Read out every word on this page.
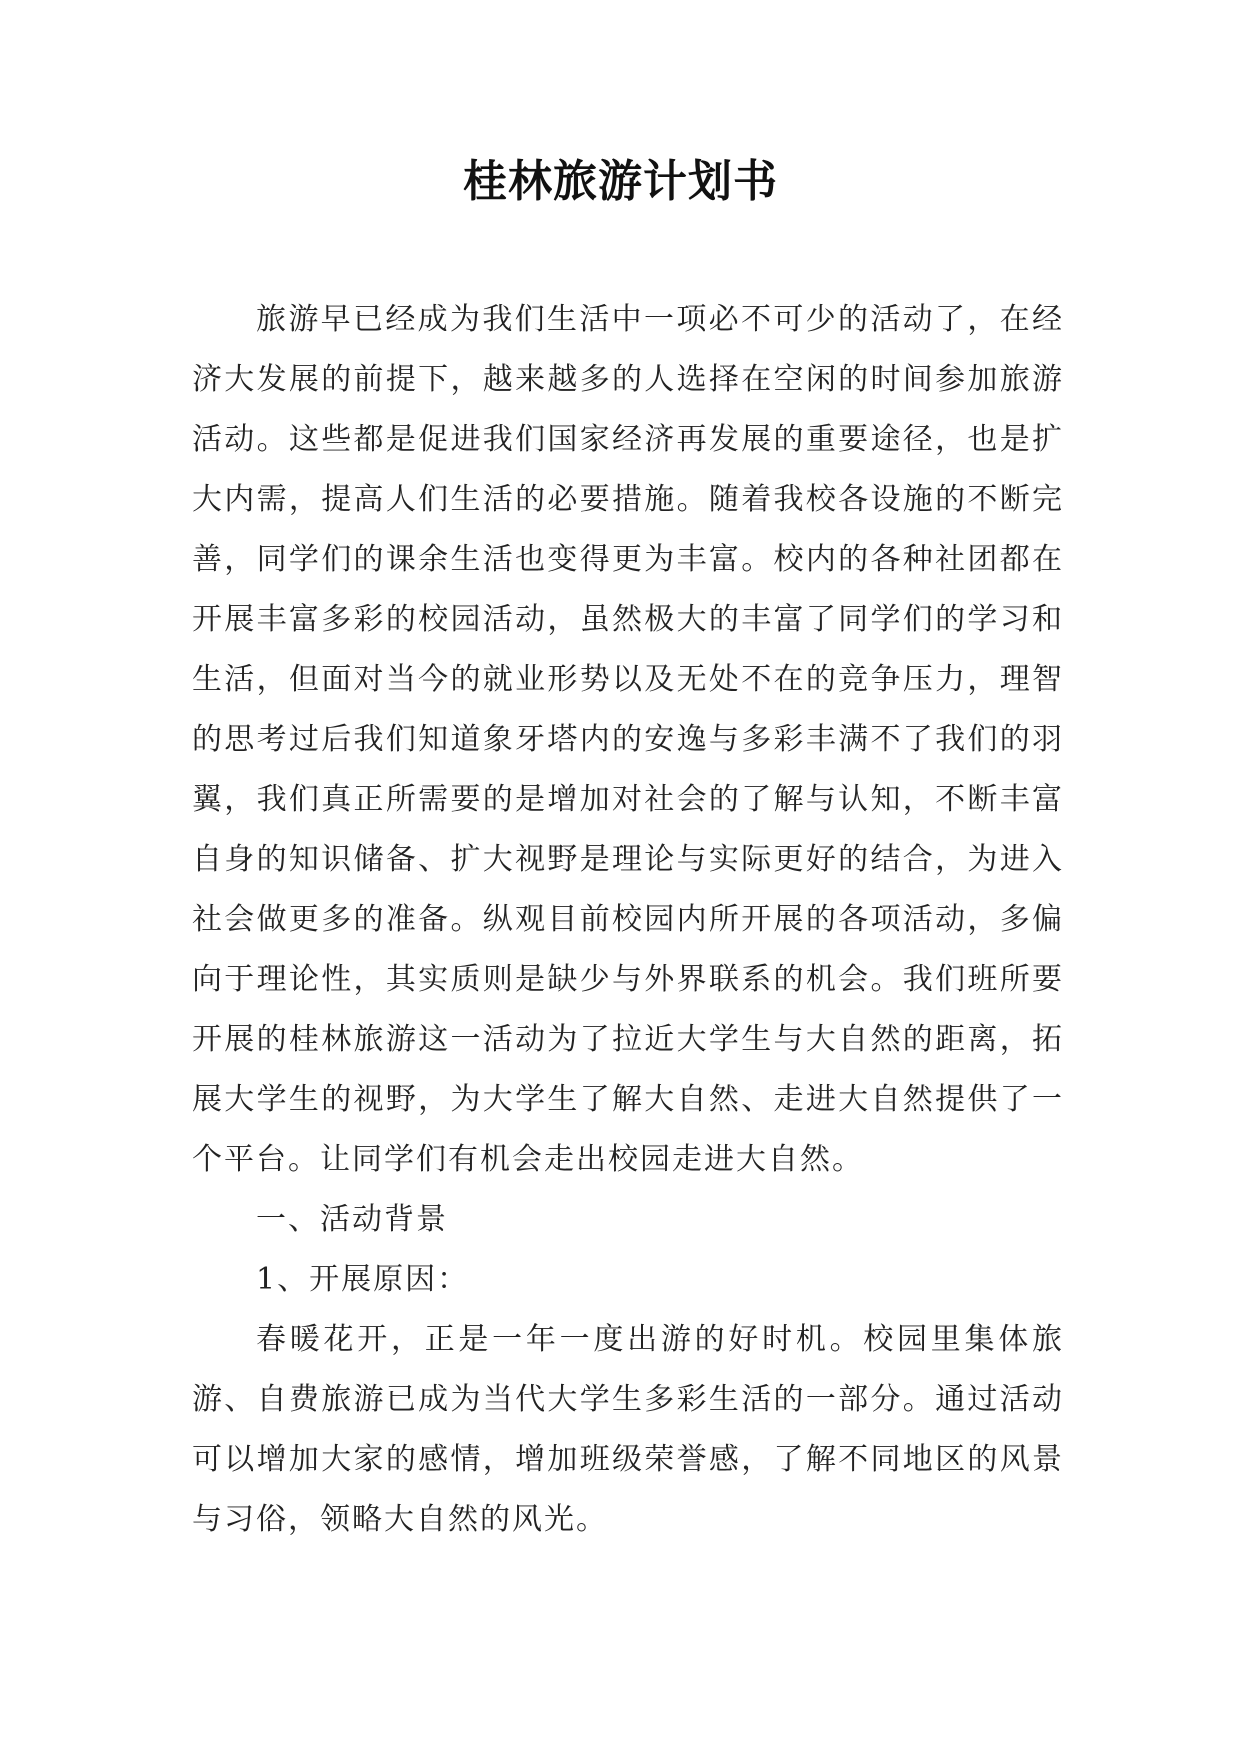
桂林旅游计划书

旅游早已经成为我们生活中一项必不可少的活动了，在经济大发展的前提下，越来越多的人选择在空闲的时间参加旅游活动。这些都是促进我们国家经济再发展的重要途径，也是扩大内需，提高人们生活的必要措施。随着我校各设施的不断完善，同学们的课余生活也变得更为丰富。校内的各种社团都在开展丰富多彩的校园活动，虽然极大的丰富了同学们的学习和生活，但面对当今的就业形势以及无处不在的竞争压力，理智的思考过后我们知道象牙塔内的安逸与多彩丰满不了我们的羽翼，我们真正所需要的是增加对社会的了解与认知，不断丰富自身的知识储备、扩大视野是理论与实际更好的结合，为进入社会做更多的准备。纵观目前校园内所开展的各项活动，多偏向于理论性，其实质则是缺少与外界联系的机会。我们班所要开展的桂林旅游这一活动为了拉近大学生与大自然的距离，拓展大学生的视野，为大学生了解大自然、走进大自然提供了一个平台。让同学们有机会走出校园走进大自然。

一、活动背景

1、开展原因：

春暖花开，正是一年一度出游的好时机。校园里集体旅游、自费旅游已成为当代大学生多彩生活的一部分。通过活动可以增加大家的感情，增加班级荣誉感，了解不同地区的风景与习俗，领略大自然的风光。
